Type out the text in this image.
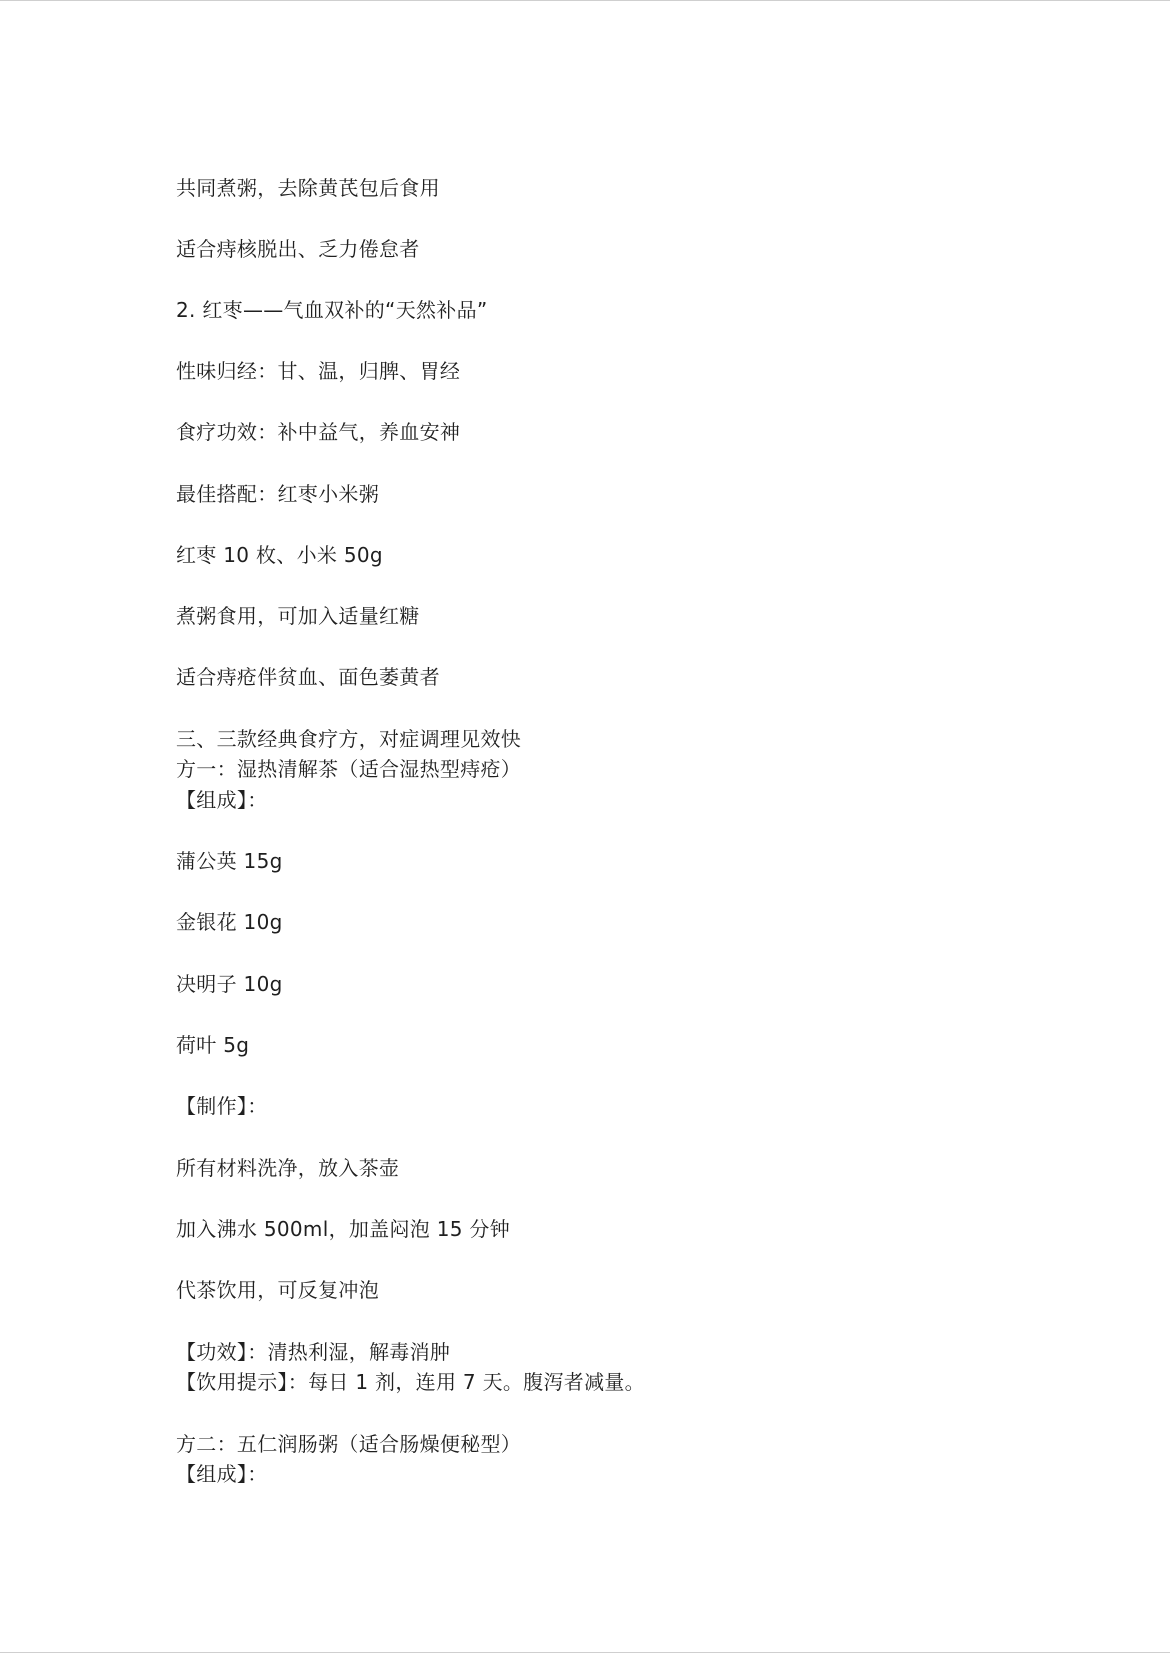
共同煮粥，去除黄芪包后食用
适合痔核脱出、乏力倦怠者
2. 红枣——气血双补的“天然补品”
性味归经：甘、温，归脾、胃经
食疗功效：补中益气，养血安神
最佳搭配：红枣小米粥
红枣 10 枚、小米 50g
煮粥食用，可加入适量红糖
适合痔疮伴贫血、面色萎黄者
三、三款经典食疗方，对症调理见效快
方一：湿热清解茶（适合湿热型痔疮）
【组成】：
蒲公英 15g
金银花 10g
决明子 10g
荷叶 5g
【制作】：
所有材料洗净，放入茶壶
加入沸水 500ml，加盖闷泡 15 分钟
代茶饮用，可反复冲泡
【功效】：清热利湿，解毒消肿
【饮用提示】：每日 1 剂，连用 7 天。腹泻者减量。
方二：五仁润肠粥（适合肠燥便秘型）
【组成】：
